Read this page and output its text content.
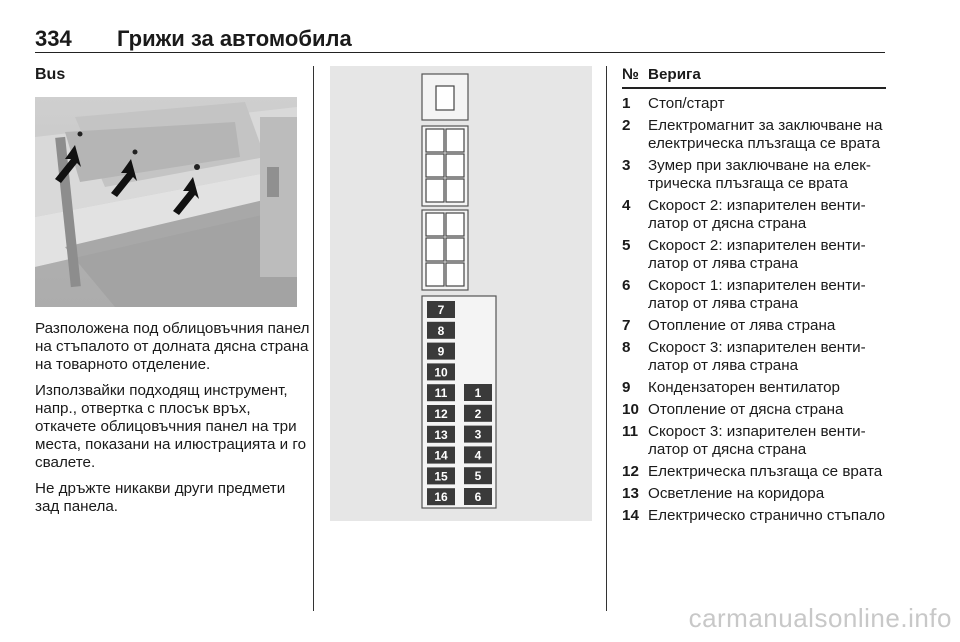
334 Грижи за автомобила
Bus

Разположена под облицовъчния панел на стъпалото от долната дясна страна на товарното отделение.

Използвайки подходящ инструмент, напр., отвертка с плосък връх, откачете облицовъчния панел на три места, показани на илюстрацията и го свалете.

Не дръжте никакви други предмети зад панела.

7
8
9
10
11
12
13
14
15
16
1
2
3
4
5
6
№ Верига
1	Стоп/старт
2	Електромагнит за заключване на електрическа плъзгаща се врата
3	Зумер при заключване на елек-трическа плъзгаща се врата
4	Скорост 2: изпарителен венти-латор от дясна страна
5	Скорост 2: изпарителен венти-латор от лява страна
6	Скорост 1: изпарителен венти-латор от лява страна
7	Отопление от лява страна
8	Скорост 3: изпарителен венти-латор от лява страна
9	Кондензаторен вентилатор
10 Отопление от дясна страна
11 Скорост 3: изпарителен венти-латор от дясна страна
12 Електрическа плъзгаща се врата
13 Осветление на коридора
14 Електрическо странично стъпало
carmanualsonline.info
